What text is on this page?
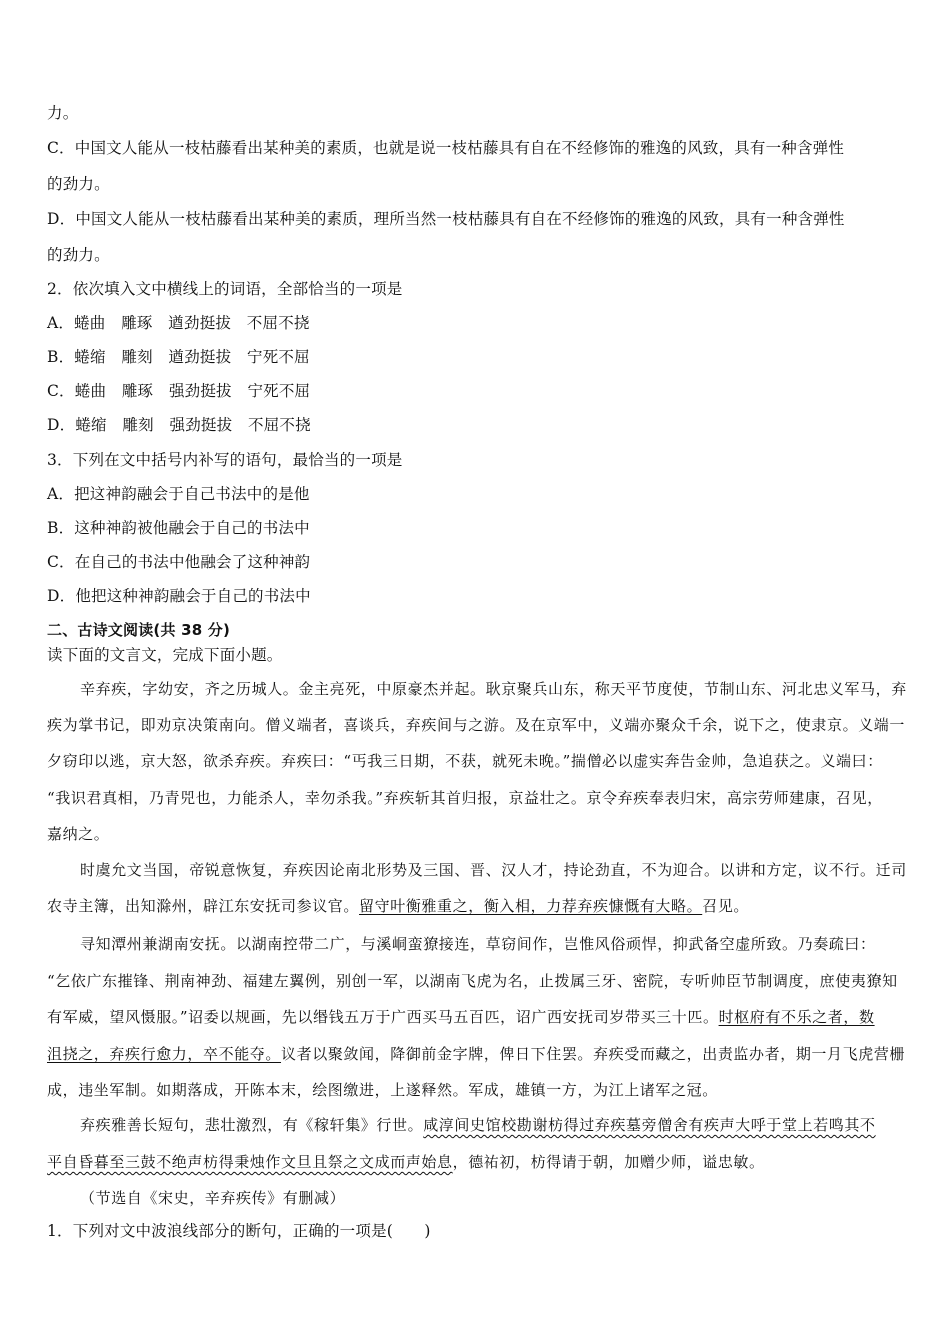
力。
C．中国文人能从一枝枯藤看出某种美的素质，也就是说一枝枯藤具有自在不经修饰的雅逸的风致，具有一种含弹性
的劲力。
D．中国文人能从一枝枯藤看出某种美的素质，理所当然一枝枯藤具有自在不经修饰的雅逸的风致，具有一种含弹性
的劲力。
2．依次填入文中横线上的词语，全部恰当的一项是
A．蜷曲　雕琢　遒劲挺拔　不屈不挠
B．蜷缩　雕刻　遒劲挺拔　宁死不屈
C．蜷曲　雕琢　强劲挺拔　宁死不屈
D．蜷缩　雕刻　强劲挺拔　不屈不挠
3．下列在文中括号内补写的语句，最恰当的一项是
A．把这神韵融会于自己书法中的是他
B．这种神韵被他融会于自己的书法中
C．在自己的书法中他融会了这种神韵
D．他把这种神韵融会于自己的书法中
二、古诗文阅读(共 38 分)
读下面的文言文，完成下面小题。
辛弃疾，字幼安，齐之历城人。金主亮死，中原豪杰并起。耿京聚兵山东，称天平节度使，节制山东、河北忠义军马，弃
疾为掌书记，即劝京决策南向。僧义端者，喜谈兵，弃疾间与之游。及在京军中，义端亦聚众千余，说下之，使隶京。义端一
夕窃印以逃，京大怒，欲杀弃疾。弃疾曰：“丐我三日期，不获，就死未晚。”揣僧必以虚实奔告金帅，急追获之。义端曰：
“我识君真相，乃青兕也，力能杀人，幸勿杀我。”弃疾斩其首归报，京益壮之。京令弃疾奉表归宋，高宗劳师建康，召见，
嘉纳之。
时虞允文当国，帝锐意恢复，弃疾因论南北形势及三国、晋、汉人才，持论劲直，不为迎合。以讲和方定，议不行。迁司
农寺主簿，出知滁州，辟江东安抚司参议官。留守叶衡雅重之，衡入相，力荐弃疾慷慨有大略。召见。
寻知潭州兼湖南安抚。以湖南控带二广，与溪峒蛮獠接连，草窃间作，岂惟风俗顽悍，抑武备空虚所致。乃奏疏曰：
“乞依广东摧锋、荆南神劲、福建左翼例，别创一军，以湖南飞虎为名，止拨属三牙、密院，专听帅臣节制调度，庶使夷獠知
有军威，望风慑服。”诏委以规画，先以缗钱五万于广西买马五百匹，诏广西安抚司岁带买三十匹。时枢府有不乐之者，数
沮挠之，弃疾行愈力，卒不能夺。议者以聚敛闻，降御前金字牌，俾日下住罢。弃疾受而藏之，出责监办者，期一月飞虎营栅
成，违坐军制。如期落成，开陈本末，绘图缴进，上遂释然。军成，雄镇一方，为江上诸军之冠。
弃疾雅善长短句，悲壮激烈，有《稼轩集》行世。咸淳间史馆校勘谢枋得过弃疾墓旁僧舍有疾声大呼于堂上若鸣其不
平自昏暮至三鼓不绝声枋得秉烛作文旦且祭之文成而声始息，德祐初，枋得请于朝，加赠少师，谥忠敏。
（节选自《宋史，辛弃疾传》有删减）
1．下列对文中波浪线部分的断句，正确的一项是(　　)
